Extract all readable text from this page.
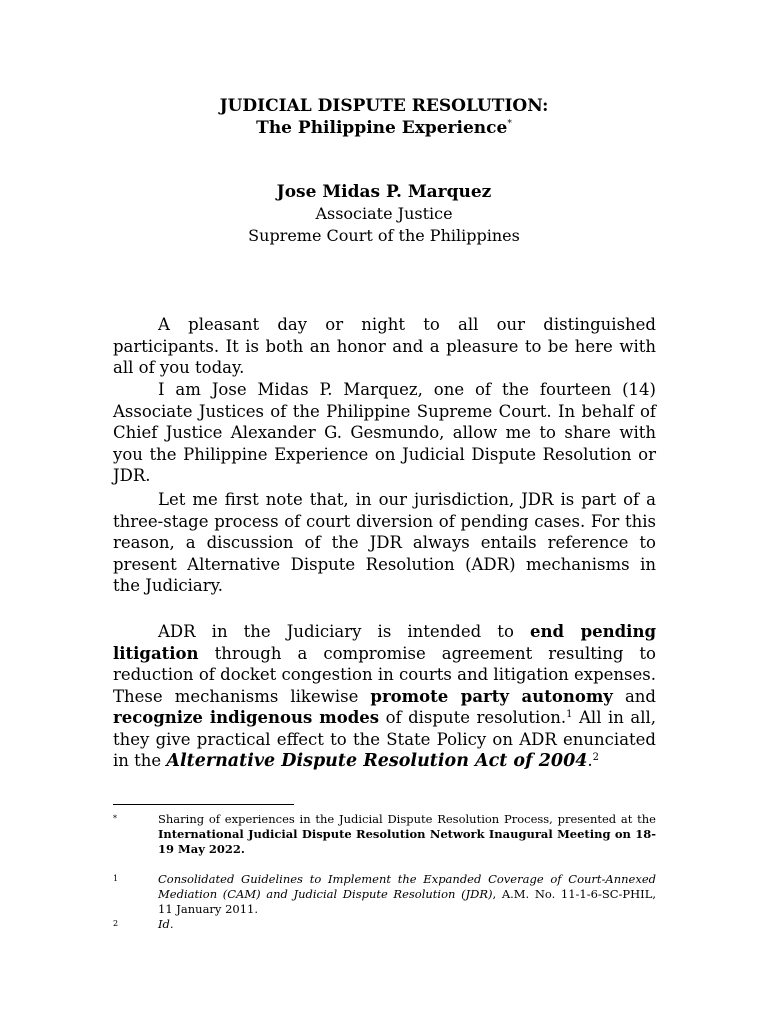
JUDICIAL DISPUTE RESOLUTION:
The Philippine Experience*
Jose Midas P. Marquez
Associate Justice
Supreme Court of the Philippines

A pleasant day or night to all our distinguished participants. It is both an honor and a pleasure to be here with all of you today.

I am Jose Midas P. Marquez, one of the fourteen (14) Associate Justices of the Philippine Supreme Court. In behalf of Chief Justice Alexander G. Gesmundo, allow me to share with you the Philippine Experience on Judicial Dispute Resolution or JDR.

Let me first note that, in our jurisdiction, JDR is part of a three-stage process of court diversion of pending cases. For this reason, a discussion of the JDR always entails reference to present Alternative Dispute Resolution (ADR) mechanisms in the Judiciary.

ADR in the Judiciary is intended to end pending litigation through a compromise agreement resulting to reduction of docket congestion in courts and litigation expenses. These mechanisms likewise promote party autonomy and recognize indigenous modes of dispute resolution.$^1$ All in all, they give practical effect to the State Policy on ADR enunciated in the Alternative Dispute Resolution Act of 2004.$^2$

*	Sharing of experiences in the Judicial Dispute Resolution Process, presented at the International Judicial Dispute Resolution Network Inaugural Meeting on 18-19 May 2022.
1	Consolidated Guidelines to Implement the Expanded Coverage of Court-Annexed Mediation (CAM) and Judicial Dispute Resolution (JDR), A.M. No. 11-1-6-SC-PHIL, 11 January 2011.
2	Id.
